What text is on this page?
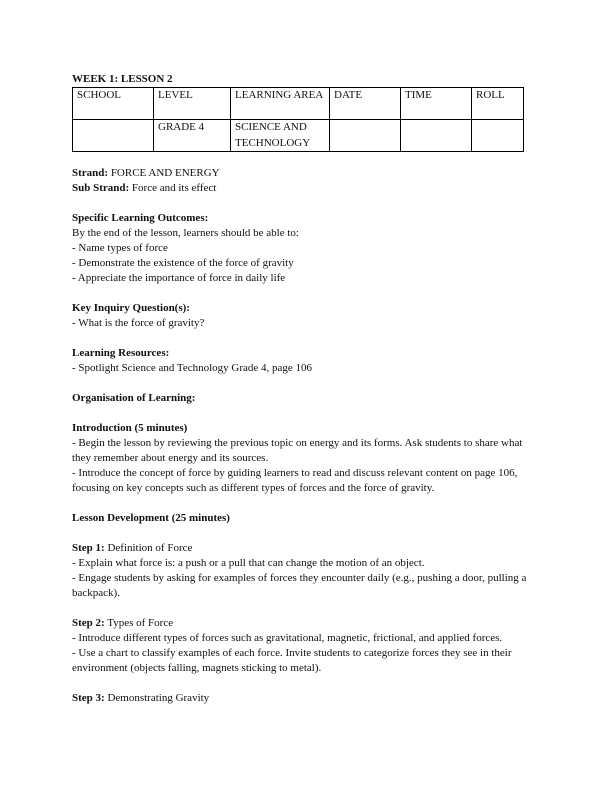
WEEK 1: LESSON 2

SCHOOL	LEVEL	LEARNING AREA	DATE	TIME	ROLL
	GRADE 4	SCIENCE AND TECHNOLOGY			

Strand: FORCE AND ENERGY

Sub Strand: Force and its effect

Specific Learning Outcomes:

By the end of the lesson, learners should be able to:

- Name types of force

- Demonstrate the existence of the force of gravity

- Appreciate the importance of force in daily life

Key Inquiry Question(s):

- What is the force of gravity?

Learning Resources:

- Spotlight Science and Technology Grade 4, page 106

Organisation of Learning:

Introduction (5 minutes)

- Begin the lesson by reviewing the previous topic on energy and its forms. Ask students to share what they remember about energy and its sources.

- Introduce the concept of force by guiding learners to read and discuss relevant content on page 106, focusing on key concepts such as different types of forces and the force of gravity.

Lesson Development (25 minutes)

Step 1: Definition of Force

- Explain what force is: a push or a pull that can change the motion of an object.

- Engage students by asking for examples of forces they encounter daily (e.g., pushing a door, pulling a backpack).

Step 2: Types of Force

- Introduce different types of forces such as gravitational, magnetic, frictional, and applied forces.

- Use a chart to classify examples of each force. Invite students to categorize forces they see in their environment (objects falling, magnets sticking to metal).

Step 3: Demonstrating Gravity
